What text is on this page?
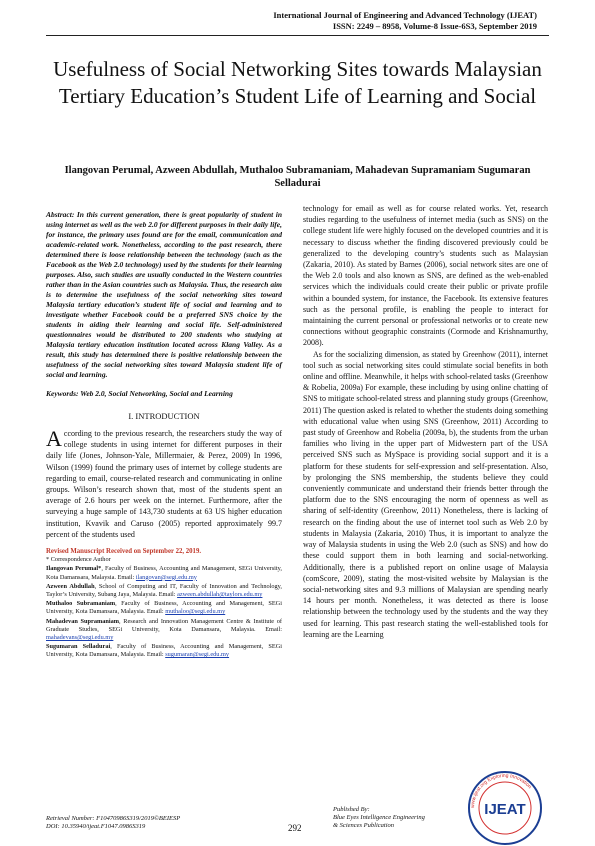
International Journal of Engineering and Advanced Technology (IJEAT)
ISSN: 2249 – 8958, Volume-8 Issue-6S3, September 2019
Usefulness of Social Networking Sites towards Malaysian Tertiary Education’s Student Life of Learning and Social
Ilangovan Perumal, Azween Abdullah, Muthaloo Subramaniam, Mahadevan Supramaniam Sugumaran Selladurai
Abstract: In this current generation, there is great popularity of student in using internet as well as the web 2.0 for different purposes in their daily life, for instance, the primary uses found are for the email, communication and academic-related work. Nonetheless, according to the past research, there determined there is loose relationship between the technology (such as the Facebook as the Web 2.0 technology) used by the students for their learning purposes. Also, such studies are usually conducted in the Western countries rather than in the Asian countries such as Malaysia. Thus, the research aim is to determine the usefulness of the social networking sites toward Malaysia tertiary education’s student life of social and learning and to investigate whether Facebook could be a preferred SNS choice by the students in aiding their learning and social life. Self-administered questionnaires would be distributed to 200 students who studying at Malaysia tertiary education institution located across Klang Valley. As a result, this study has determined there is positive relationship between the usefulness of the social networking sites toward Malaysia student life of social and learning.
Keywords: Web 2.0, Social Networking, Social and Learning
I. INTRODUCTION
According to the previous research, the researchers study the way of college students in using internet for different purposes in their daily life (Jones, Johnson-Yale, Millermaier, & Perez, 2009) In 1996, Wilson (1999) found the primary uses of internet by college students are regarding to email, course-related research and communicating in online groups. Wilson’s research shown that, most of the students spent an average of 2.6 hours per week on the internet. Furthermore, after the surveying a huge sample of 143,730 students at 63 US higher education institution, Kvavik and Caruso (2005) reported approximately 99.7 percent of the students used
Revised Manuscript Received on September 22, 2019.
* Correspondence Author
Ilangovan Perumal*, Faculty of Business, Accounting and Management, SEGi University, Kota Damansara, Malaysia. Email: ilangovan@segi.edu.my
Azween Abdullah, School of Computing and IT, Faculty of Innovation and Technology, Taylor’s University, Subang Jaya, Malaysia. Email: azween.abdullah@taylors.edu.my
Muthaloo Subramaniam, Faculty of Business, Accounting and Management, SEGi University, Kota Damansara, Malaysia. Email: muthaloo@segi.edu.my
Mahadevan Supramaniam, Research and Innovation Management Centre & Institute of Graduate Studies, SEGi University, Kota Damansara, Malaysia. Email: mahadevans@segi.edu.my
Sugumaran Selladurai, Faculty of Business, Accounting and Management, SEGi University, Kota Damansara, Malaysia. Email: sugumaran@segi.edu.my

technology for email as well as for course related works. Yet, research studies regarding to the usefulness of internet media (such as SNS) on the college student life were highly focused on the developed countries and it is necessary to discuss whether the finding discovered previously could be generalized to the developing country’s students such as Malaysian (Zakaria, 2010). As stated by Barnes (2006), social network sites are one of the Web 2.0 tools and also known as SNS, are defined as the web-enabled services which the individuals could create their public or private profile within a bounded system, for instance, the Facebook. Its extensive features such as the personal profile, is enabling the people to interact for maintaining the current personal or professional networks or to create new connections without geographic constraints (Cormode and Krishnamurthy, 2008).

As for the socializing dimension, as stated by Greenhow (2011), internet tool such as social networking sites could stimulate social benefits in both online and offline. Meanwhile, it helps with school-related tasks (Greenhow & Robelia, 2009a) For example, these including by using online chatting of SNS to mitigate school-related stress and planning study groups (Greenhow, 2011) The question asked is related to whether the students doing something with educational value when using SNS (Greenhow, 2011) According to past study of Greenhow and Robelia (2009a, b), the students from the urban families who living in the upper part of Midwestern part of the USA perceived SNS such as MySpace is providing social support and it is a platform for these students for self-expression and self-presentation. Also, by prolonging the SNS membership, the students believe they could conveniently communicate and understand their friends better through the platform due to the SNS encouraging the norm of openness as well as sharing of self-identity (Greenhow, 2011) Nonetheless, there is lacking of research on the finding about the use of internet tool such as Web 2.0 by students in Malaysia (Zakaria, 2010) Thus, it is important to analyze the way of Malaysia students in using the Web 2.0 (such as SNS) and how do these could support them in both learning and social-networking. Additionally, there is a published report on online usage of Malaysia (comScore, 2009), stating the most-visited website by Malaysian is the social-networking sites and 9.3 millions of Malaysian are spending nearly 14 hours per month. Nonetheless, it was detected as there is loose relationship between the technology used by the students and the way they used for learning. This past research stating the well-established tools for learning are the Learning

Retrieval Number: F10470986S319/2019©BEIESP
DOI: 10.35940/ijeat.F1047.0986S319	292
Published By:
Blue Eyes Intelligence Engineering
& Sciences Publication
www.ijeat.org Exploring Innovation
IJEAT
